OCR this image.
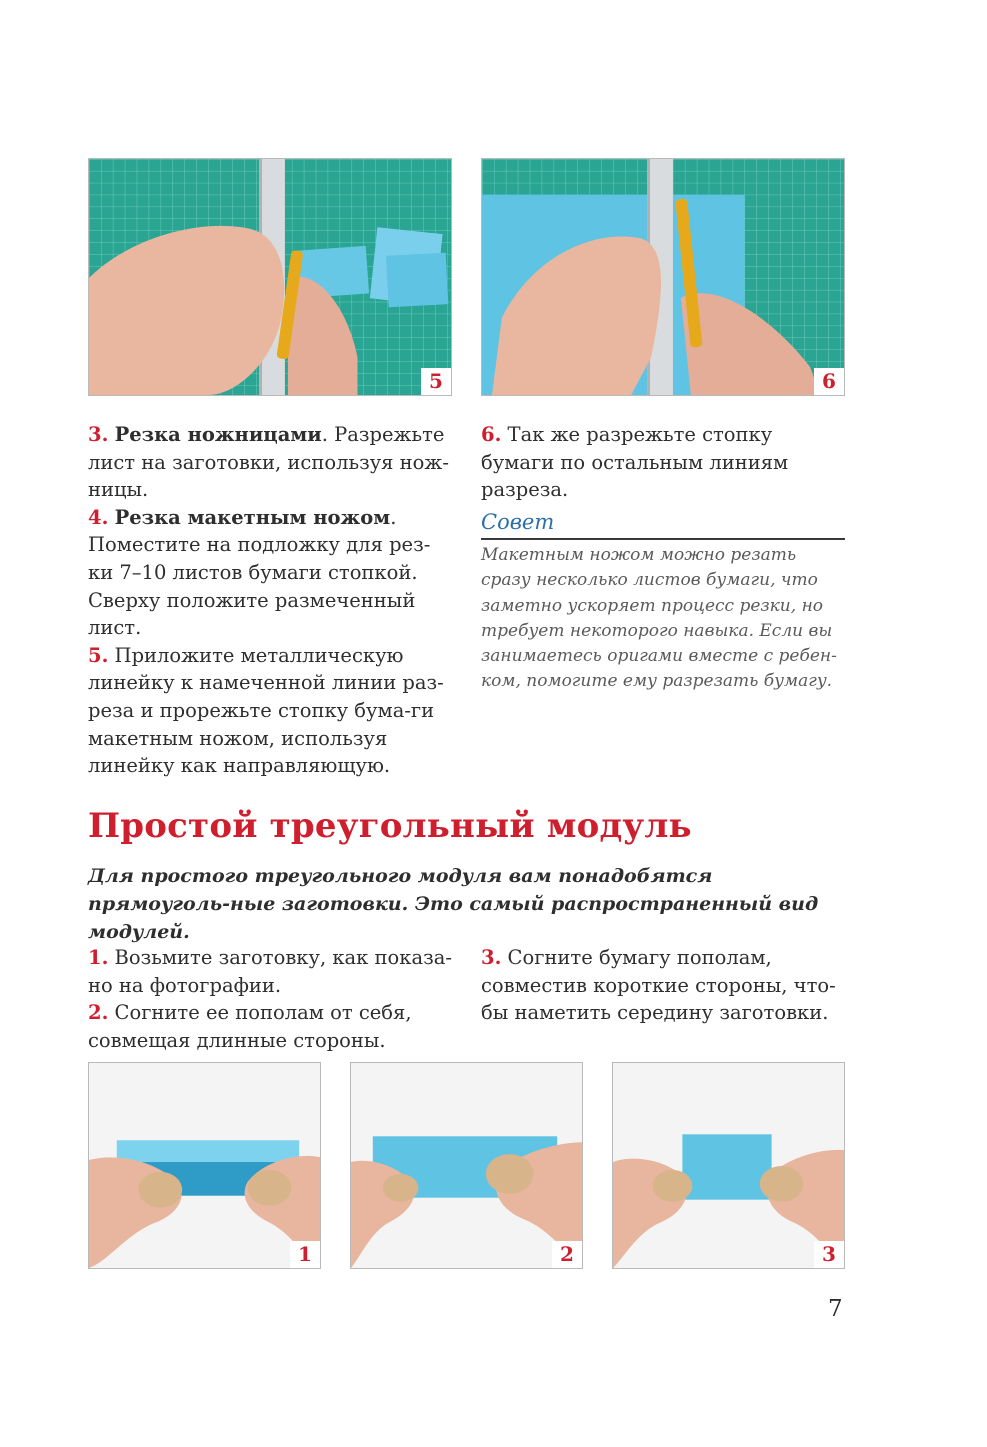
5	6

3. Резка ножницами. Разрежьте лист на заготовки, используя нож-ницы.

4. Резка макетным ножом. Поместите на подложку для рез-ки 7–10 листов бумаги стопкой. Сверху положите размеченный лист.

5. Приложите металлическую линейку к намеченной линии раз-реза и прорежьте стопку бума-ги макетным ножом, используя линейку как направляющую.

6. Так же разрежьте стопку бумаги по остальным линиям разреза.

Совет
Макетным ножом можно резать сразу несколько листов бумаги, что заметно ускоряет процесс резки, но требует некоторого навыка. Если вы занимаетесь оригами вместе с ребен-ком, помогите ему разрезать бумагу.
Простой треугольный модуль
Для простого треугольного модуля вам понадобятся прямоуголь-ные заготовки. Это самый распространенный вид модулей.

1. Возьмите заготовку, как показа-но на фотографии.

2. Согните ее пополам от себя, совмещая длинные стороны.

3. Согните бумагу пополам, совместив короткие стороны, что-бы наметить середину заготовки.

1	2	3
7
